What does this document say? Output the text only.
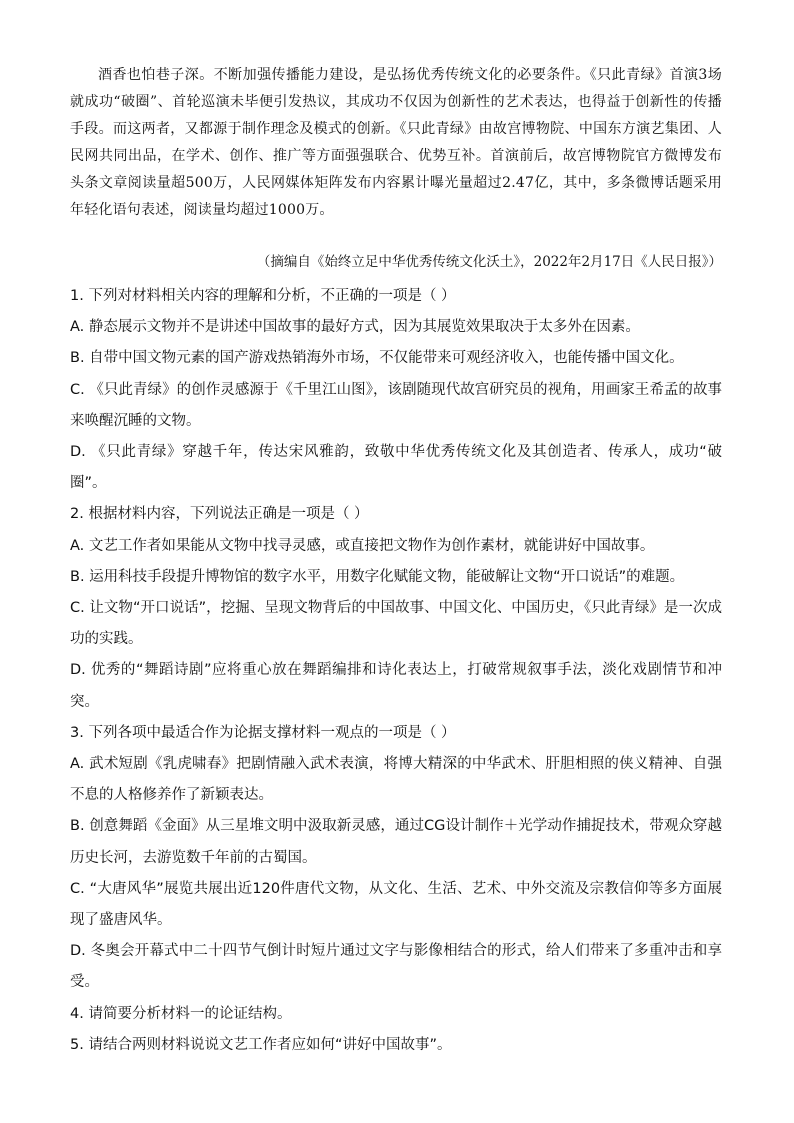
酒香也怕巷子深。不断加强传播能力建设，是弘扬优秀传统文化的必要条件。《只此青绿》首演3场就成功“破圈”、首轮巡演未毕便引发热议，其成功不仅因为创新性的艺术表达，也得益于创新性的传播手段。而这两者，又都源于制作理念及模式的创新。《只此青绿》由故宫博物院、中国东方演艺集团、人民网共同出品，在学术、创作、推广等方面强强联合、优势互补。首演前后，故宫博物院官方微博发布头条文章阅读量超500万，人民网媒体矩阵发布内容累计曝光量超过2.47亿，其中，多条微博话题采用年轻化语句表述，阅读量均超过1000万。

（摘编自《始终立足中华优秀传统文化沃土》，2022年2月17日《人民日报》）

1. 下列对材料相关内容的理解和分析，不正确的一项是（ ）

A. 静态展示文物并不是讲述中国故事的最好方式，因为其展览效果取决于太多外在因素。

B. 自带中国文物元素的国产游戏热销海外市场，不仅能带来可观经济收入，也能传播中国文化。

C. 《只此青绿》的创作灵感源于《千里江山图》，该剧随现代故宫研究员的视角，用画家王希孟的故事来唤醒沉睡的文物。

D. 《只此青绿》穿越千年，传达宋风雅韵，致敬中华优秀传统文化及其创造者、传承人，成功“破圈”。

2. 根据材料内容，下列说法正确是一项是（ ）

A. 文艺工作者如果能从文物中找寻灵感，或直接把文物作为创作素材，就能讲好中国故事。

B. 运用科技手段提升博物馆的数字水平，用数字化赋能文物，能破解让文物“开口说话”的难题。

C. 让文物“开口说话”，挖掘、呈现文物背后的中国故事、中国文化、中国历史，《只此青绿》是一次成功的实践。

D. 优秀的“舞蹈诗剧”应将重心放在舞蹈编排和诗化表达上，打破常规叙事手法，淡化戏剧情节和冲突。

3. 下列各项中最适合作为论据支撑材料一观点的一项是（ ）

A. 武术短剧《乳虎啸春》把剧情融入武术表演，将博大精深的中华武术、肝胆相照的侠义精神、自强不息的人格修养作了新颖表达。

B. 创意舞蹈《金面》从三星堆文明中汲取新灵感，通过CG设计制作＋光学动作捕捉技术，带观众穿越历史长河，去游览数千年前的古蜀国。

C. “大唐风华”展览共展出近120件唐代文物，从文化、生活、艺术、中外交流及宗教信仰等多方面展现了盛唐风华。

D. 冬奥会开幕式中二十四节气倒计时短片通过文字与影像相结合的形式，给人们带来了多重冲击和享受。

4. 请简要分析材料一的论证结构。

5. 请结合两则材料说说文艺工作者应如何“讲好中国故事”。
